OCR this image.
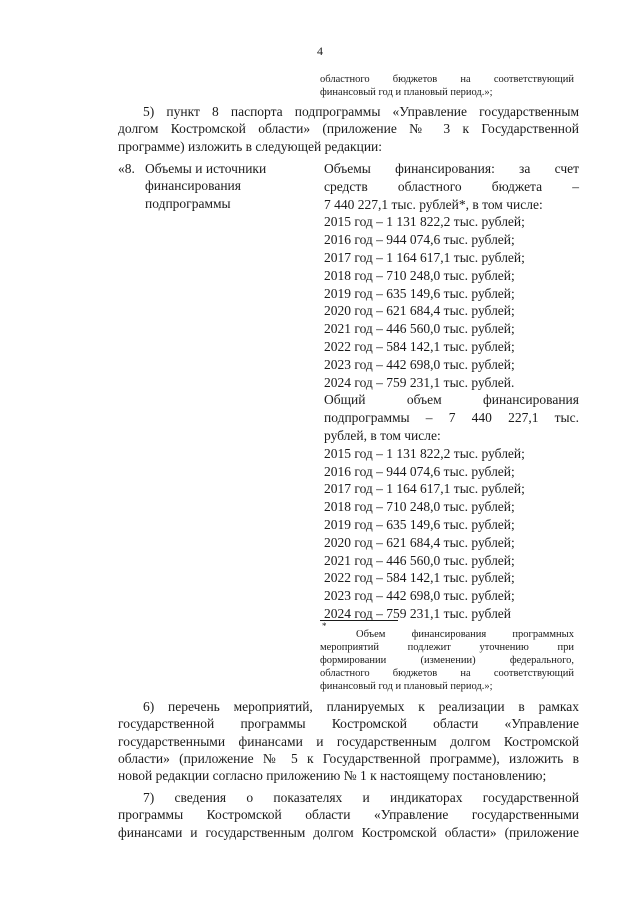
4
областного бюджетов на соответствующий
финансовый год и плановый период.»;
5) пункт 8 паспорта подпрограммы «Управление государственным
долгом Костромской области» (приложение № 3 к Государственной
программе) изложить в следующей редакции:
«8. Объемы и источники
финансирования
подпрограммы
Объемы финансирования: за счет
средств областного бюджета –
7 440 227,1 тыс. рублей*, в том числе:
2015 год – 1 131 822,2 тыс. рублей;
2016 год – 944 074,6 тыс. рублей;
2017 год – 1 164 617,1 тыс. рублей;
2018 год – 710 248,0 тыс. рублей;
2019 год – 635 149,6 тыс. рублей;
2020 год – 621 684,4 тыс. рублей;
2021 год – 446 560,0 тыс. рублей;
2022 год – 584 142,1 тыс. рублей;
2023 год – 442 698,0 тыс. рублей;
2024 год – 759 231,1 тыс. рублей.
Общий объем финансирования
подпрограммы – 7 440 227,1 тыс.
рублей, в том числе:
2015 год – 1 131 822,2 тыс. рублей;
2016 год – 944 074,6 тыс. рублей;
2017 год – 1 164 617,1 тыс. рублей;
2018 год – 710 248,0 тыс. рублей;
2019 год – 635 149,6 тыс. рублей;
2020 год – 621 684,4 тыс. рублей;
2021 год – 446 560,0 тыс. рублей;
2022 год – 584 142,1 тыс. рублей;
2023 год – 442 698,0 тыс. рублей;
2024 год – 759 231,1 тыс. рублей
*
Объем финансирования программных
мероприятий подлежит уточнению при
формировании (изменении) федерального,
областного бюджетов на соответствующий
финансовый год и плановый период.»;
6) перечень мероприятий, планируемых к реализации в рамках
государственной программы Костромской области «Управление
государственными финансами и государственным долгом Костромской
области» (приложение № 5 к Государственной программе), изложить в
новой редакции согласно приложению № 1 к настоящему постановлению;
7) сведения о показателях и индикаторах государственной
программы Костромской области «Управление государственными
финансами и государственным долгом Костромской области» (приложение
